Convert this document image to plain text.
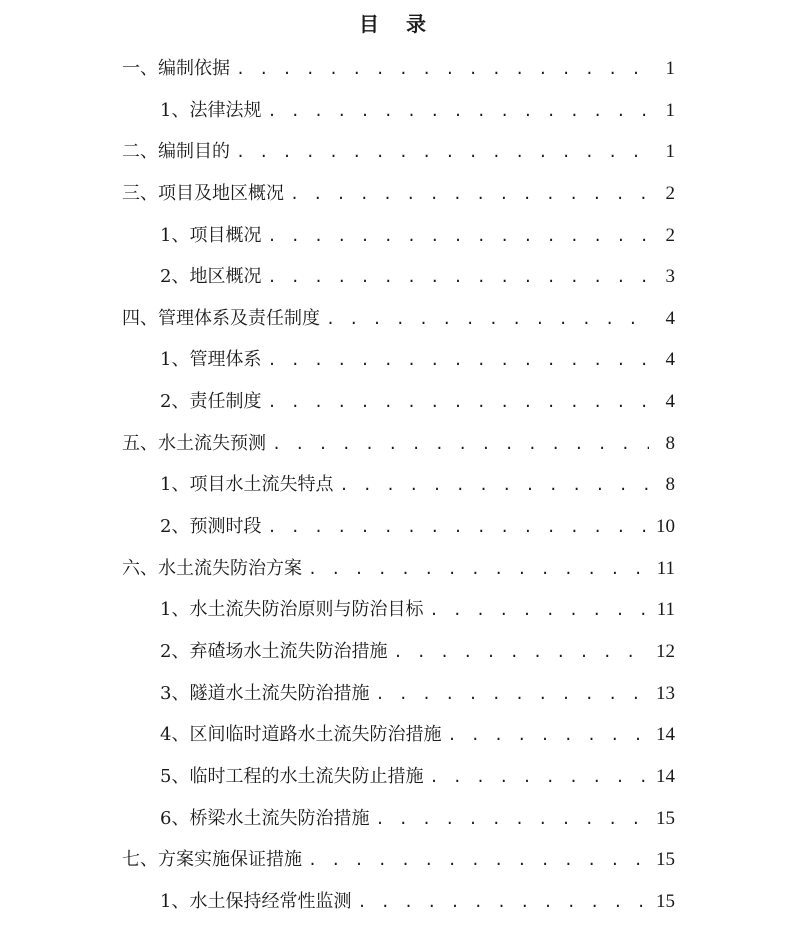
目 录
一、编制依据 . . .	1
1、法律法规 . . .	1
二、编制目的 . . .	1
三、项目及地区概况 . . .	2
1、项目概况 . . .	2
2、地区概况 . . .	3
四、管理体系及责任制度 . . .	4
1、管理体系 . . .	4
2、责任制度 . . .	4
五、水土流失预测 . . .	8
1、项目水土流失特点 . . .	8
2、预测时段 . . .	10
六、水土流失防治方案 . . .	11
1、水土流失防治原则与防治目标 . . .	11
2、弃碴场水土流失防治措施 . . .	12
3、隧道水土流失防治措施 . . .	13
4、区间临时道路水土流失防治措施 . . .	14
5、临时工程的水土流失防止措施 . . .	14
6、桥梁水土流失防治措施 . . .	15
七、方案实施保证措施 . . .	15
1、水土保持经常性监测 . . .	15
